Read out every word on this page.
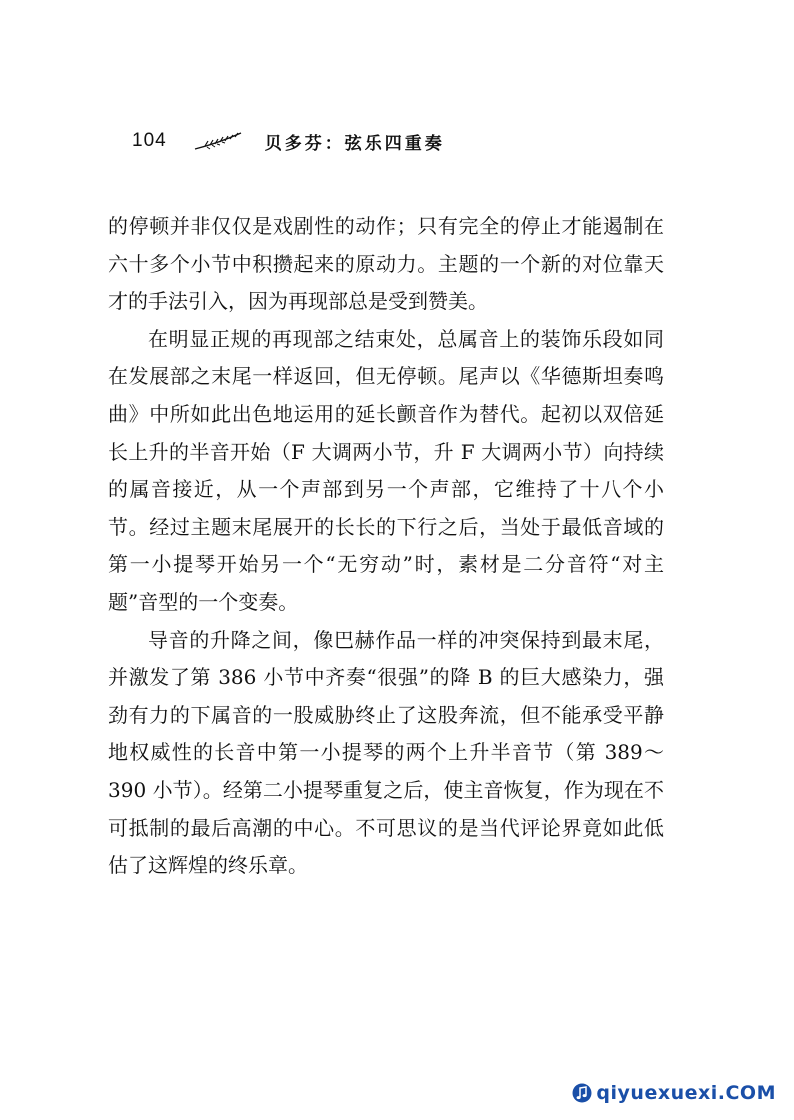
104	贝多芬：弦乐四重奏

的停顿并非仅仅是戏剧性的动作；只有完全的停止才能遏制在六十多个小节中积攒起来的原动力。主题的一个新的对位靠天才的手法引入，因为再现部总是受到赞美。

在明显正规的再现部之结束处，总属音上的装饰乐段如同在发展部之末尾一样返回，但无停顿。尾声以《华德斯坦奏鸣曲》中所如此出色地运用的延长颤音作为替代。起初以双倍延长上升的半音开始（F 大调两小节，升 F 大调两小节）向持续的属音接近，从一个声部到另一个声部，它维持了十八个小节。经过主题末尾展开的长长的下行之后，当处于最低音域的第一小提琴开始另一个“无穷动”时，素材是二分音符“对主题”音型的一个变奏。

导音的升降之间，像巴赫作品一样的冲突保持到最末尾，并激发了第 386 小节中齐奏“很强”的降 B 的巨大感染力，强劲有力的下属音的一股威胁终止了这股奔流，但不能承受平静地权威性的长音中第一小提琴的两个上升半音节（第 389～390 小节）。经第二小提琴重复之后，使主音恢复，作为现在不可抵制的最后高潮的中心。不可思议的是当代评论界竟如此低估了这辉煌的终乐章。

qiyuexuexi.COM
